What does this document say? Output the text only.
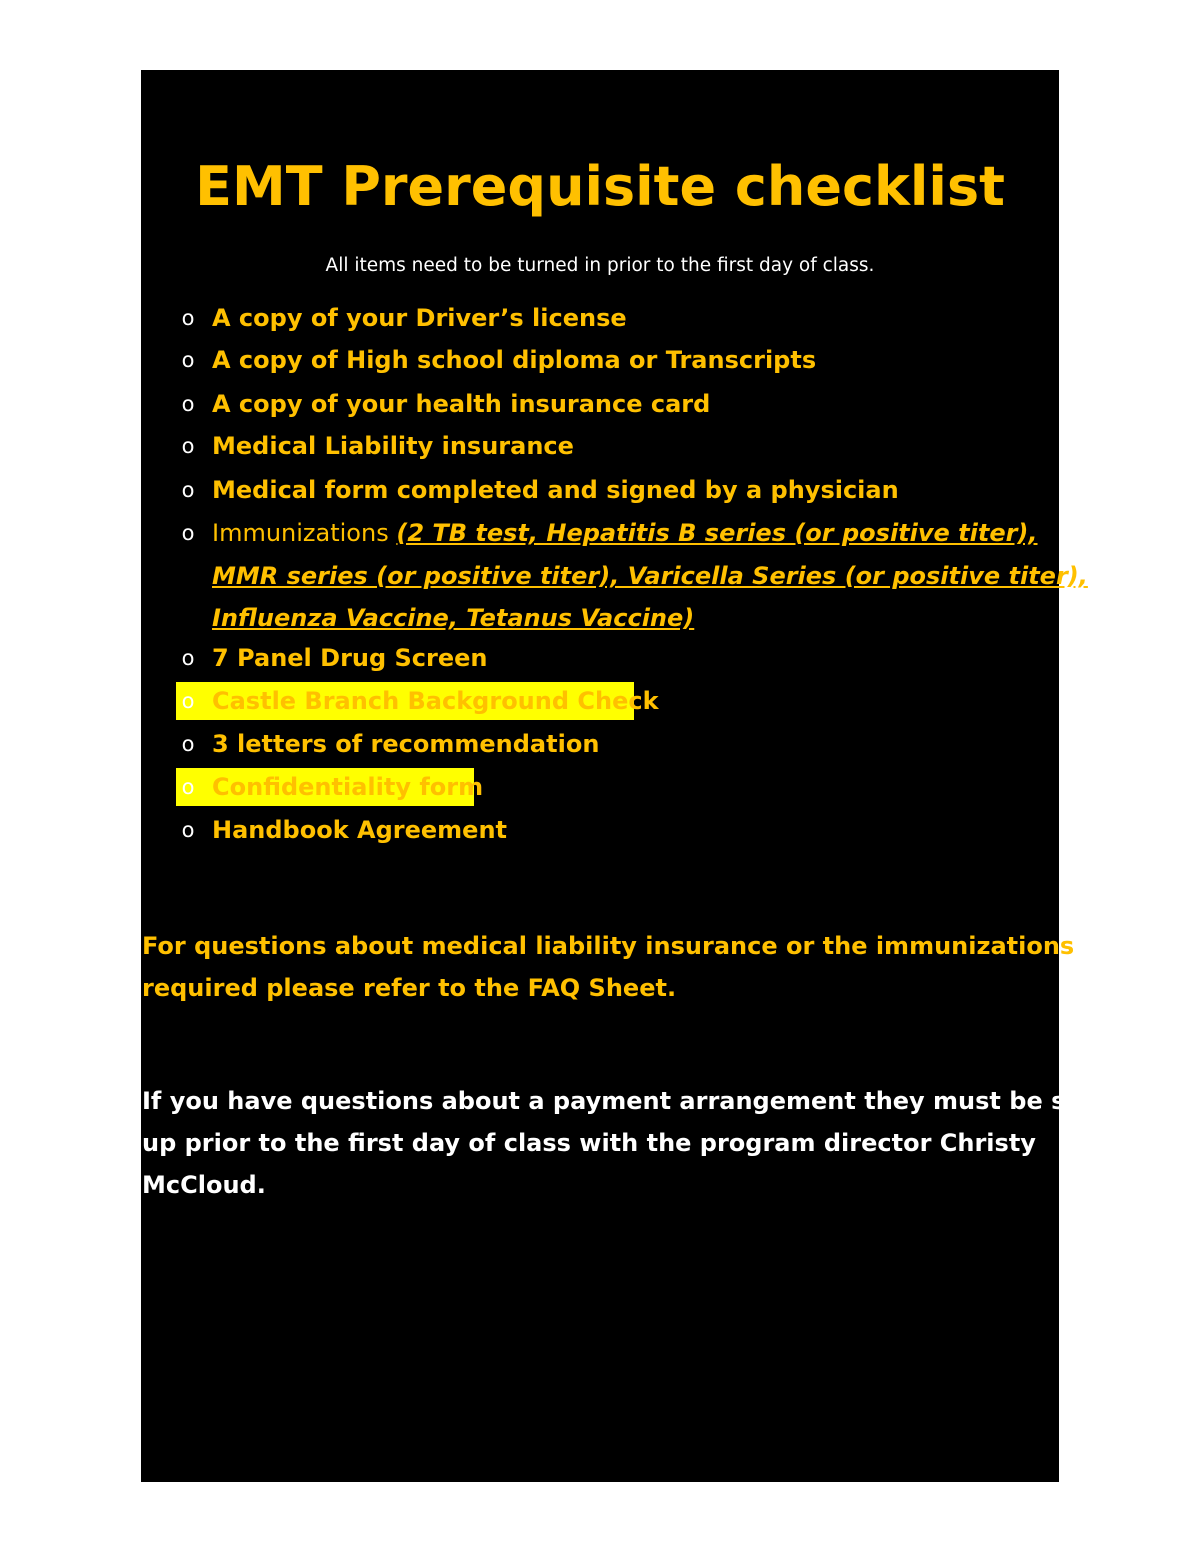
EMT Prerequisite checklist
All items need to be turned in prior to the first day of class.
o A copy of your Driver’s license
o A copy of High school diploma or Transcripts
o A copy of your health insurance card
o Medical Liability insurance
o Medical form completed and signed by a physician
o Immunizations (2 TB test, Hepatitis B series (or positive titer),
MMR series (or positive titer), Varicella Series (or positive titer),
Influenza Vaccine, Tetanus Vaccine)
o 7 Panel Drug Screen
o Castle Branch Background Check
o 3 letters of recommendation
o Confidentiality form
o Handbook Agreement
For questions about medical liability insurance or the immunizations
required please refer to the FAQ Sheet.
If you have questions about a payment arrangement they must be set
up prior to the first day of class with the program director Christy
McCloud.
